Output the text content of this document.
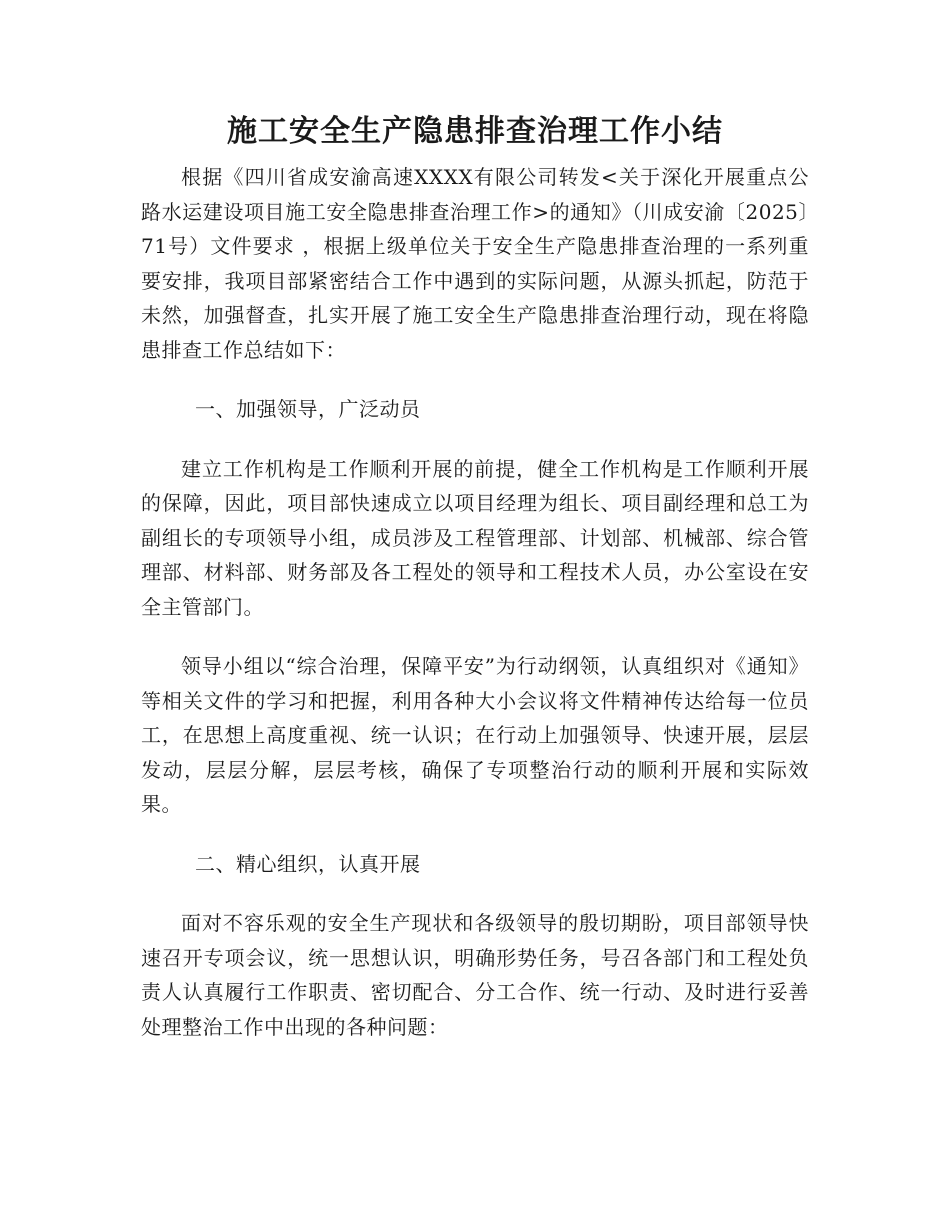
施工安全生产隐患排查治理工作小结

根据《四川省成安渝高速XXXX有限公司转发<关于深化开展重点公路水运建设项目施工安全隐患排查治理工作>的通知》（川成安渝〔2025〕71号）文件要求 ，根据上级单位关于安全生产隐患排查治理的一系列重要安排，我项目部紧密结合工作中遇到的实际问题，从源头抓起，防范于未然，加强督查，扎实开展了施工安全生产隐患排查治理行动，现在将隐患排查工作总结如下：

一、加强领导，广泛动员

建立工作机构是工作顺利开展的前提，健全工作机构是工作顺利开展的保障，因此，项目部快速成立以项目经理为组长、项目副经理和总工为副组长的专项领导小组，成员涉及工程管理部、计划部、机械部、综合管理部、材料部、财务部及各工程处的领导和工程技术人员，办公室设在安全主管部门。

领导小组以“综合治理，保障平安”为行动纲领，认真组织对《通知》等相关文件的学习和把握，利用各种大小会议将文件精神传达给每一位员工，在思想上高度重视、统一认识；在行动上加强领导、快速开展，层层发动，层层分解，层层考核，确保了专项整治行动的顺利开展和实际效果。

二、精心组织，认真开展

面对不容乐观的安全生产现状和各级领导的殷切期盼，项目部领导快速召开专项会议，统一思想认识，明确形势任务，号召各部门和工程处负责人认真履行工作职责、密切配合、分工合作、统一行动、及时进行妥善处理整治工作中出现的各种问题：
